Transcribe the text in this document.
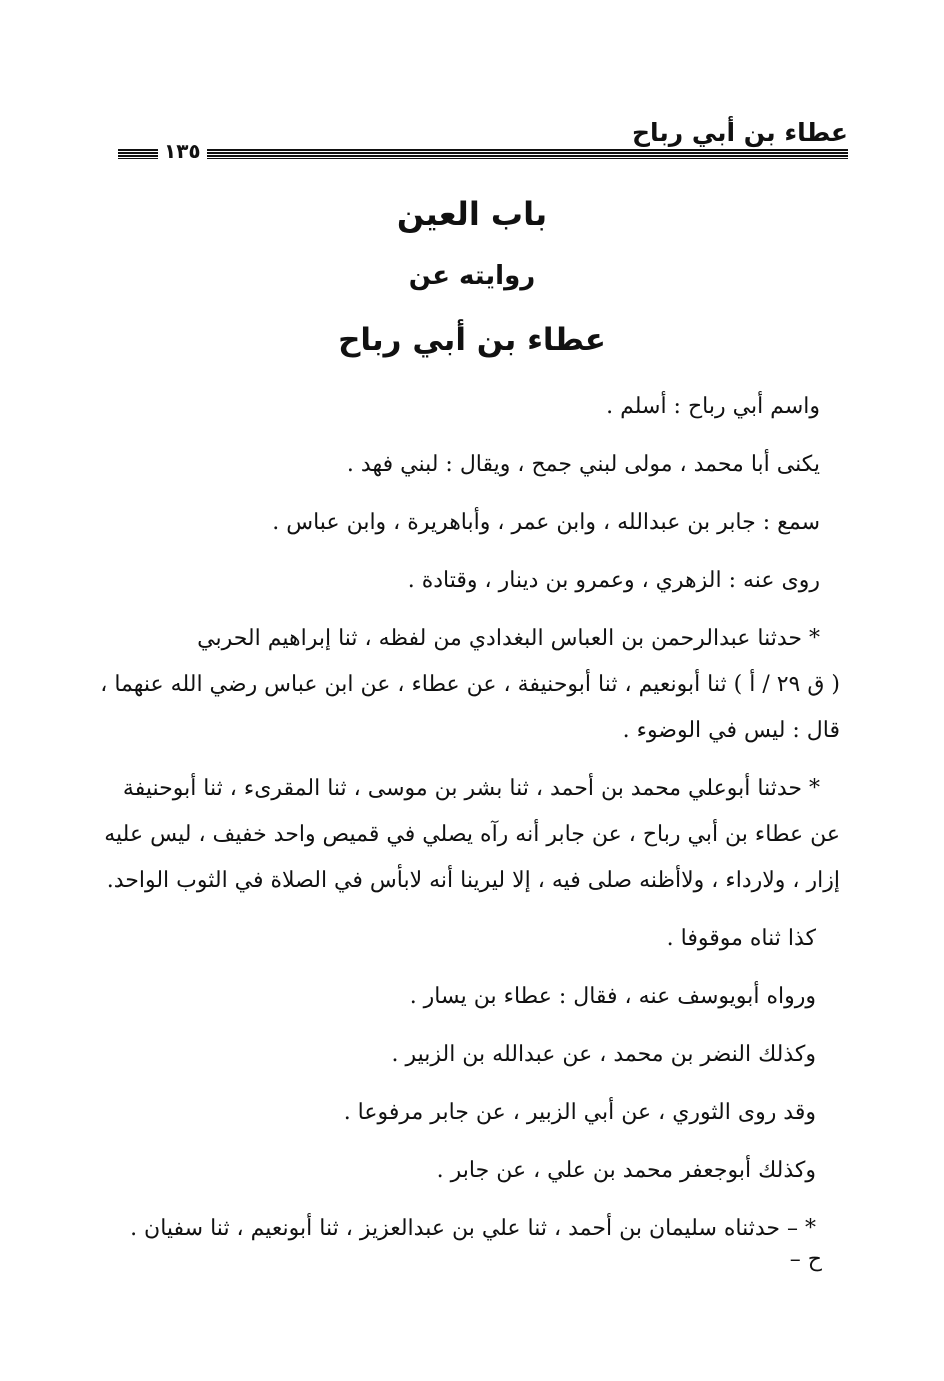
عطاء بن أبي رباح
١٣٥
باب العين
روايته عن
عطاء بن أبي رباح
واسم أبي رباح : أسلم .
يكنى أبا محمد ، مولى لبني جمح ، ويقال : لبني فهد .
سمع : جابر بن عبدالله ، وابن عمر ، وأباهريرة ، وابن عباس .
روى عنه : الزهري ، وعمرو بن دينار ، وقتادة .
* حدثنا عبدالرحمن بن العباس البغدادي من لفظه ، ثنا إبراهيم الحربي
( ق ٢٩ / أ ) ثنا أبونعيم ، ثنا أبوحنيفة ، عن عطاء ، عن ابن عباس رضي الله عنهما ،
قال : ليس في الوضوء .
* حدثنا أبوعلي محمد بن أحمد ، ثنا بشر بن موسى ، ثنا المقرىء ، ثنا أبوحنيفة
عن عطاء بن أبي رباح ، عن جابر أنه رآه يصلي في قميص واحد خفيف ، ليس عليه
إزار ، ولارداء ، ولاأظنه صلى فيه ، إلا ليرينا أنه لابأس في الصلاة في الثوب الواحد.
كذا ثناه موقوفا .
ورواه أبويوسف عنه ، فقال : عطاء بن يسار .
وكذلك النضر بن محمد ، عن عبدالله بن الزبير .
وقد روى الثوري ، عن أبي الزبير ، عن جابر مرفوعا .
وكذلك أبوجعفر محمد بن علي ، عن جابر .
* – حدثناه سليمان بن أحمد ، ثنا علي بن عبدالعزيز ، ثنا أبونعيم ، ثنا سفيان .
ح –
